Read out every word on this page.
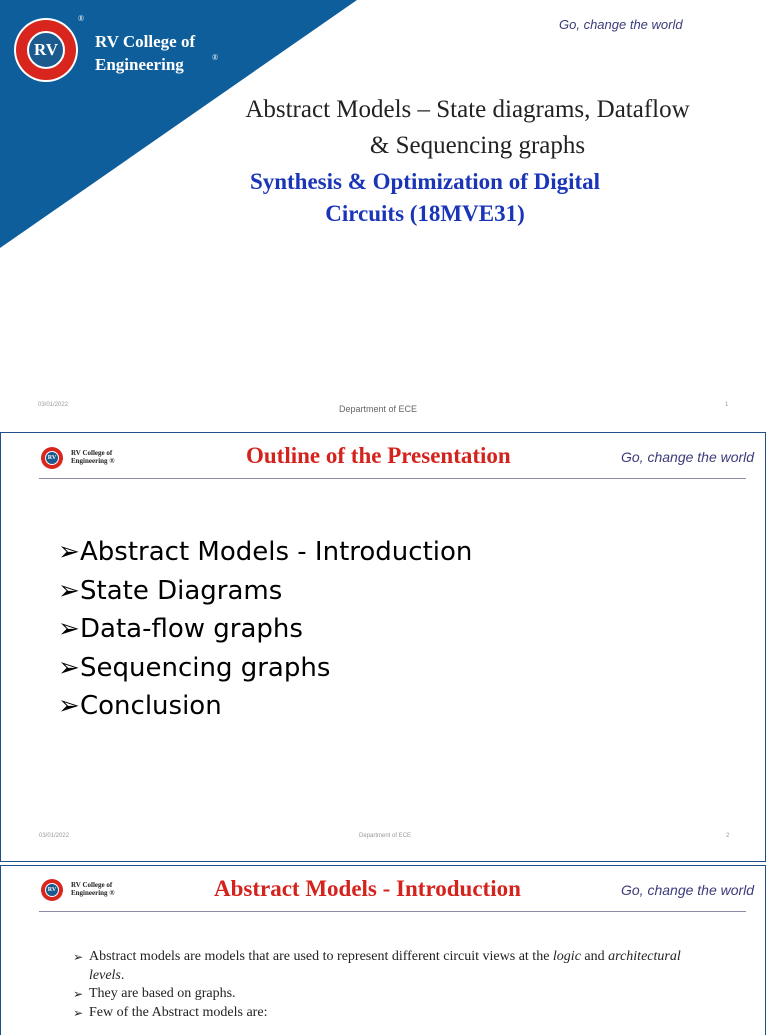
RV
®
RV College of
Engineering	®
Go, change the world
Abstract Models – State diagrams, Dataflow
& Sequencing graphs
Synthesis & Optimization of Digital
Circuits (18MVE31)
03/01/2022	Department of ECE	1
RV
RV College of
Engineering ®	Outline of the Presentation	Go, change the world
➢Abstract Models - Introduction
➢State Diagrams
➢Data-flow graphs
➢Sequencing graphs
➢Conclusion
03/01/2022	Department of ECE	2
RV
RV College of
Engineering ®	Abstract Models - Introduction	Go, change the world
➢ Abstract models are models that are used to represent different circuit views at the logic and architectural levels.
➢ They are based on graphs.
➢ Few of the Abstract models are:
